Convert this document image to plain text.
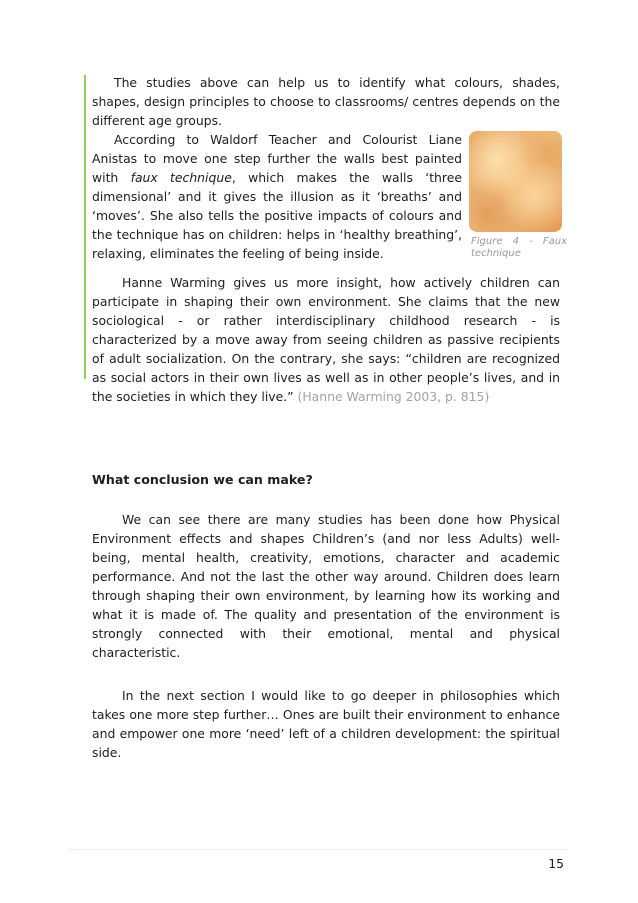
The studies above can help us to identify what colours, shades, shapes, design principles to choose to classrooms/ centres depends on the different age groups.

According to Waldorf Teacher and Colourist Liane Anistas to move one step further the walls best painted with faux technique, which makes the walls ‘three dimensional’ and it gives the illusion as it ‘breaths’ and ‘moves’. She also tells the positive impacts of colours and the technique has on children: helps in ‘healthy breathing’, relaxing, eliminates the feeling of being inside.

Figure 4 - Faux technique

Hanne Warming gives us more insight, how actively children can participate in shaping their own environment. She claims that the new sociological - or rather interdisciplinary childhood research - is characterized by a move away from seeing children as passive recipients of adult socialization. On the contrary, she says: “children are recognized as social actors in their own lives as well as in other people’s lives, and in the societies in which they live.” (Hanne Warming 2003, p. 815)

What conclusion we can make?

We can see there are many studies has been done how Physical Environment effects and shapes Children’s (and nor less Adults) well-being, mental health, creativity, emotions, character and academic performance. And not the last the other way around. Children does learn through shaping their own environment, by learning how its working and what it is made of. The quality and presentation of the environment is strongly connected with their emotional, mental and physical characteristic.

In the next section I would like to go deeper in philosophies which takes one more step further… Ones are built their environment to enhance and empower one more ‘need’ left of a children development: the spiritual side.

15
